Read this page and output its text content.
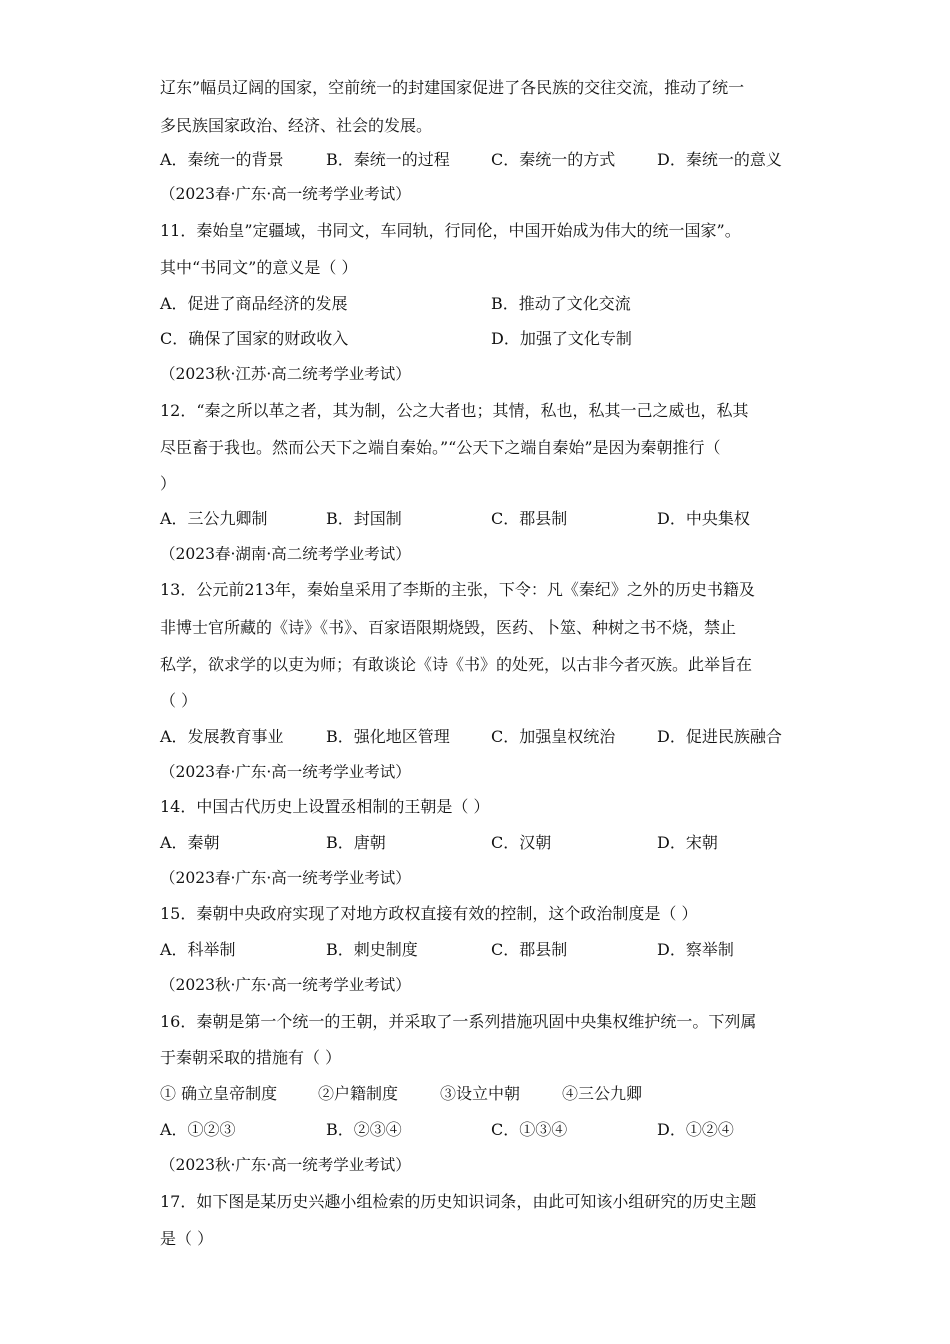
辽东”幅员辽阔的国家，空前统一的封建国家促进了各民族的交往交流，推动了统一
多民族国家政治、经济、社会的发展。
A．秦统一的背景	B．秦统一的过程	C．秦统一的方式	D．秦统一的意义
（2023春·广东·高一统考学业考试）
11．秦始皇”定疆域，书同文，车同轨，行同伦，中国开始成为伟大的统一国家”。
其中“书同文”的意义是（ ）
A．促进了商品经济的发展	B．推动了文化交流
C．确保了国家的财政收入	D．加强了文化专制
（2023秋·江苏·高二统考学业考试）
12．“秦之所以革之者，其为制，公之大者也；其情，私也，私其一己之威也，私其
尽臣畜于我也。然而公天下之端自秦始。”“公天下之端自秦始”是因为秦朝推行（
）
A．三公九卿制	B．封国制	C．郡县制	D．中央集权
（2023春·湖南·高二统考学业考试）
13．公元前213年，秦始皇采用了李斯的主张，下令：凡《秦纪》之外的历史书籍及
非博士官所藏的《诗》《书》、百家语限期烧毁，医药、卜筮、种树之书不烧，禁止
私学，欲求学的以吏为师；有敢谈论《诗《书》的处死，以古非今者灭族。此举旨在
（ ）
A．发展教育事业	B．强化地区管理	C．加强皇权统治	D．促进民族融合
（2023春·广东·高一统考学业考试）
14．中国古代历史上设置丞相制的王朝是（ ）
A．秦朝	B．唐朝	C．汉朝	D．宋朝
（2023春·广东·高一统考学业考试）
15．秦朝中央政府实现了对地方政权直接有效的控制，这个政治制度是（ ）
A．科举制	B．刺史制度	C．郡县制	D．察举制
（2023秋·广东·高一统考学业考试）
16．秦朝是第一个统一的王朝，并采取了一系列措施巩固中央集权维护统一。下列属
于秦朝采取的措施有（ ）
① 确立皇帝制度	②户籍制度	③设立中朝	④三公九卿
A．①②③	B．②③④	C．①③④	D．①②④
（2023秋·广东·高一统考学业考试）
17．如下图是某历史兴趣小组检索的历史知识词条，由此可知该小组研究的历史主题
是（ ）
